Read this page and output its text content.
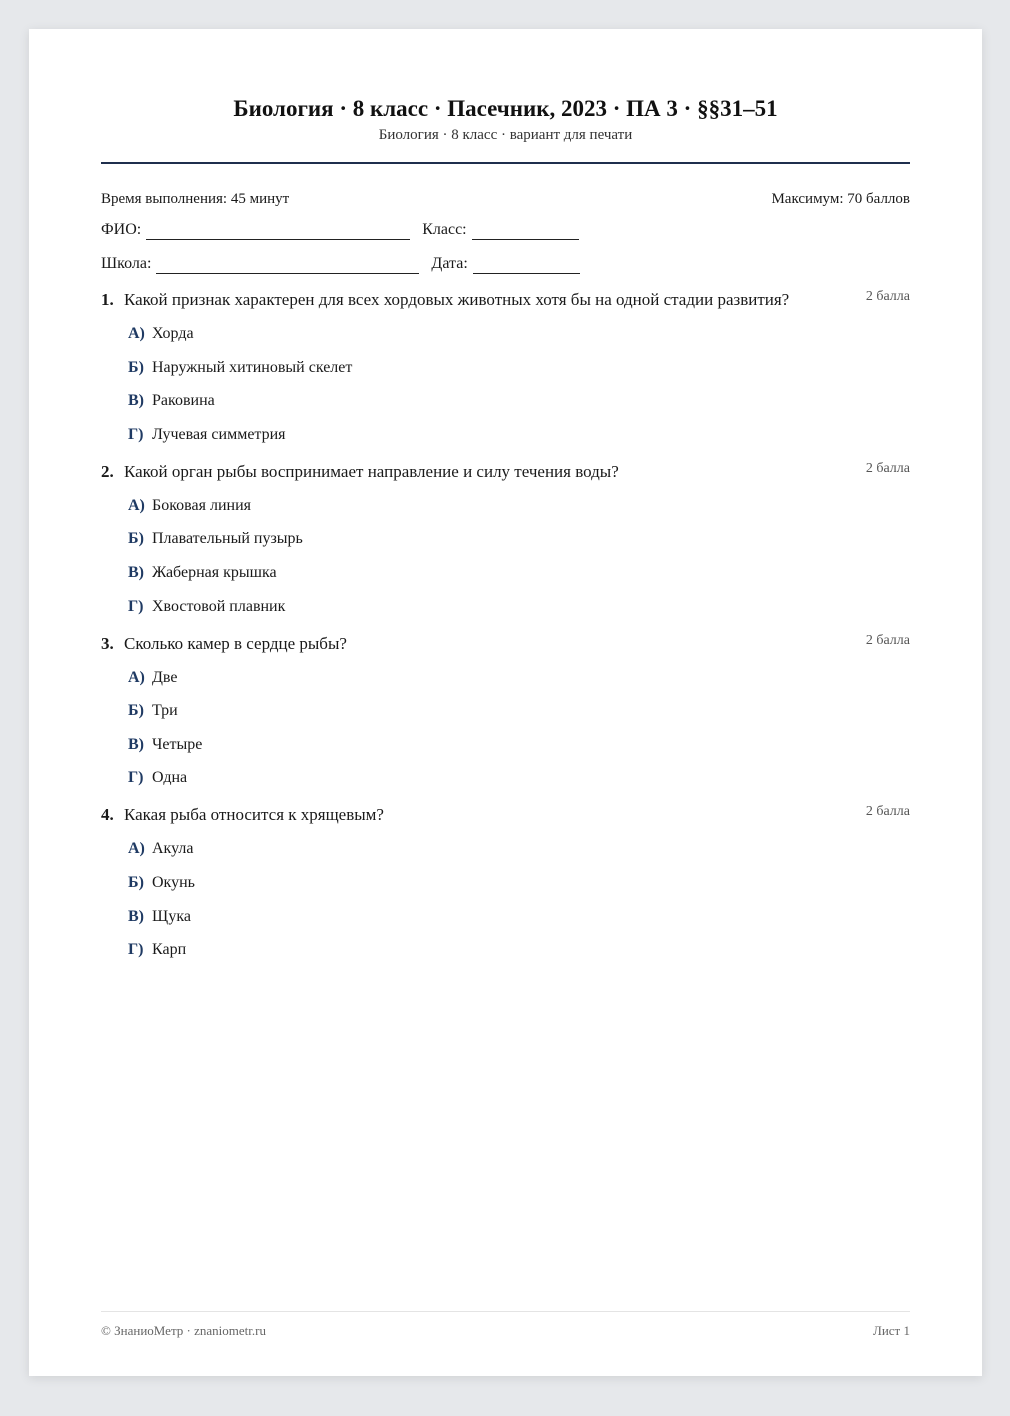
Биология · 8 класс · Пасечник, 2023 · ПА 3 · §§31–51
Биология · 8 класс · вариант для печати
Время выполнения: 45 минут	Максимум: 70 баллов
ФИО:	Класс:
Школа:	Дата:
1. Какой признак характерен для всех хордовых животных хотя бы на одной стадии развития?	2 балла
А) Хорда
Б) Наружный хитиновый скелет
В) Раковина
Г) Лучевая симметрия
2. Какой орган рыбы воспринимает направление и силу течения воды?	2 балла
А) Боковая линия
Б) Плавательный пузырь
В) Жаберная крышка
Г) Хвостовой плавник
3. Сколько камер в сердце рыбы?	2 балла
А) Две
Б) Три
В) Четыре
Г) Одна
4. Какая рыба относится к хрящевым?	2 балла
А) Акула
Б) Окунь
В) Щука
Г) Карп
© ЗнаниоМетр · znaniometr.ru	Лист 1
